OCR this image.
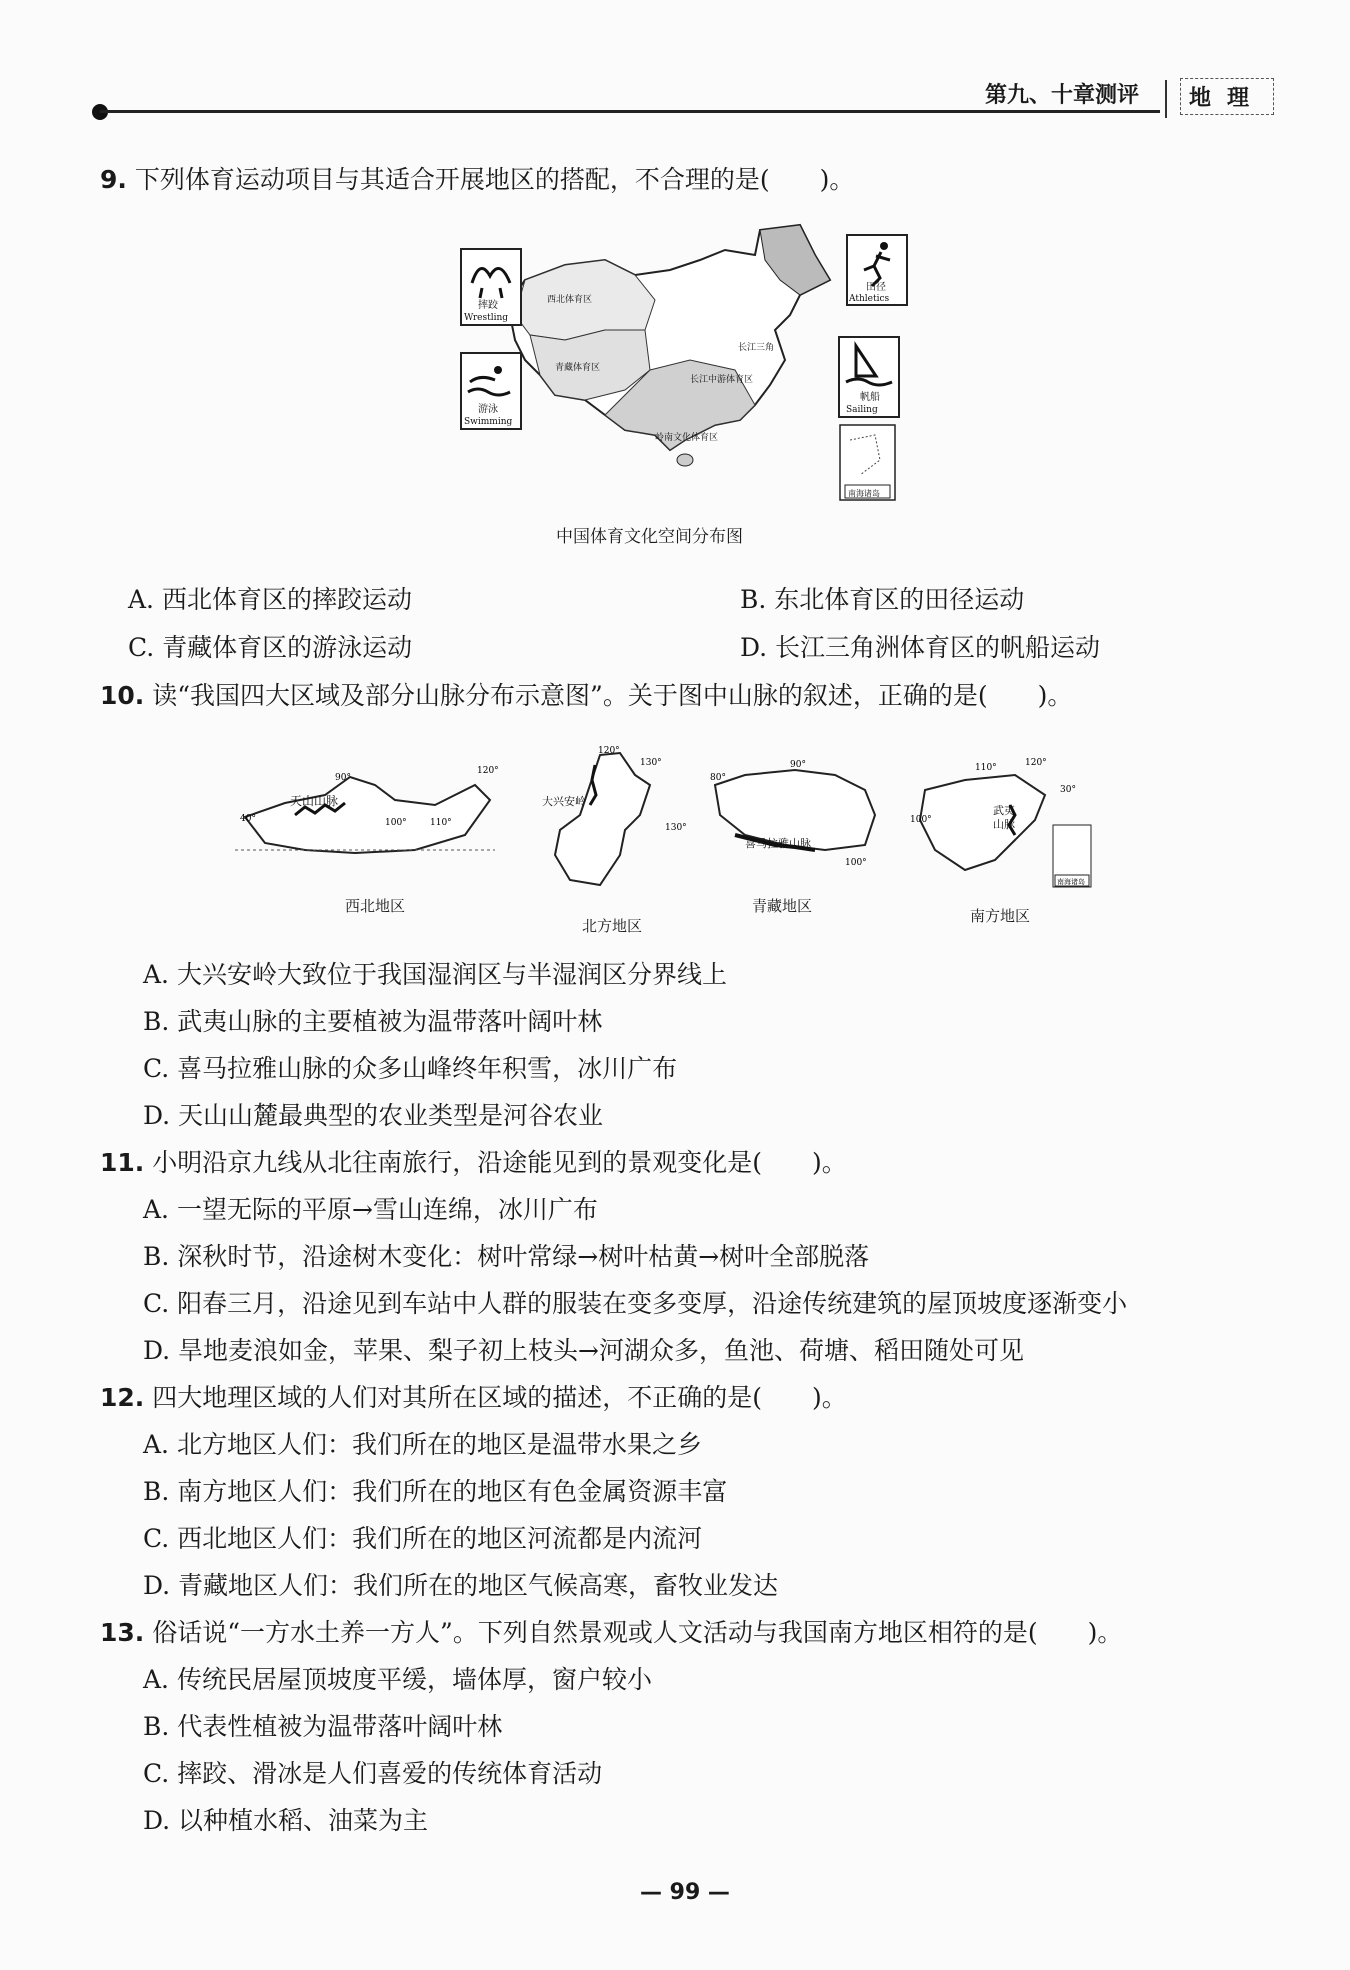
第九、十章测评	地理
9. 下列体育运动项目与其适合开展地区的搭配，不合理的是(　　)。
西北体育区
青藏体育区
长江中游体育区
长江三角
岭南文化体育区
南海诸岛
摔跤
Wrestling
游泳
Swimming
田径
Athletics
帆船
Sailing
中国体育文化空间分布图
A. 西北体育区的摔跤运动	B. 东北体育区的田径运动
C. 青藏体育区的游泳运动	D. 长江三角洲体育区的帆船运动
10. 读“我国四大区域及部分山脉分布示意图”。关于图中山脉的叙述，正确的是(　　)。
天山山脉
40°
90°
100°	110°
120°
西北地区
大兴安岭
120°
130°
130°
北方地区
喜马拉雅山脉
80°
90°
100°
青藏地区
武夷
山脉
南海诸岛
110°	120°
30°
100°
南方地区
A. 大兴安岭大致位于我国湿润区与半湿润区分界线上
B. 武夷山脉的主要植被为温带落叶阔叶林
C. 喜马拉雅山脉的众多山峰终年积雪，冰川广布
D. 天山山麓最典型的农业类型是河谷农业
11. 小明沿京九线从北往南旅行，沿途能见到的景观变化是(　　)。
A. 一望无际的平原→雪山连绵，冰川广布
B. 深秋时节，沿途树木变化：树叶常绿→树叶枯黄→树叶全部脱落
C. 阳春三月，沿途见到车站中人群的服装在变多变厚，沿途传统建筑的屋顶坡度逐渐变小
D. 旱地麦浪如金，苹果、梨子初上枝头→河湖众多，鱼池、荷塘、稻田随处可见
12. 四大地理区域的人们对其所在区域的描述，不正确的是(　　)。
A. 北方地区人们：我们所在的地区是温带水果之乡
B. 南方地区人们：我们所在的地区有色金属资源丰富
C. 西北地区人们：我们所在的地区河流都是内流河
D. 青藏地区人们：我们所在的地区气候高寒，畜牧业发达
13. 俗话说“一方水土养一方人”。下列自然景观或人文活动与我国南方地区相符的是(　　)。
A. 传统民居屋顶坡度平缓，墙体厚，窗户较小
B. 代表性植被为温带落叶阔叶林
C. 摔跤、滑冰是人们喜爱的传统体育活动
D. 以种植水稻、油菜为主
— 99 —
